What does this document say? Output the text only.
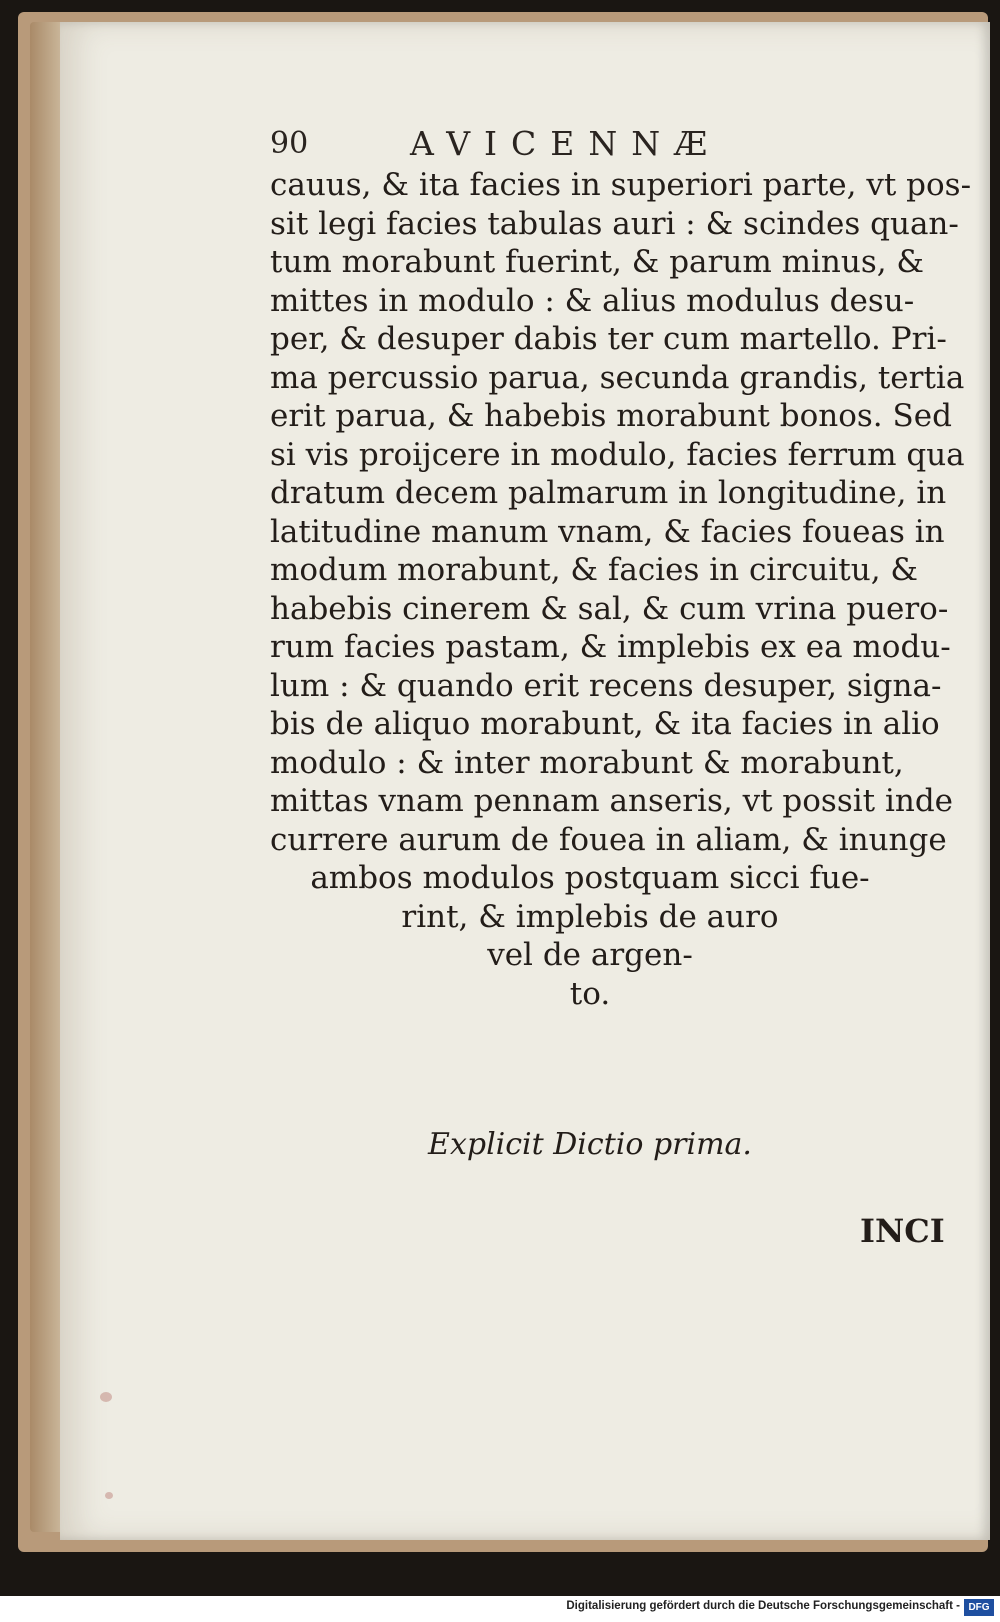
90	AVICENNÆ
cauus, & ita facies in superiori parte, vt pos-
sit legi facies tabulas auri : & scindes quan-
tum morabunt fuerint, & parum minus, &
mittes in modulo : & alius modulus desu-
per, & desuper dabis ter cum martello. Pri-
ma percussio parua, secunda grandis, tertia
erit parua, & habebis morabunt bonos. Sed
si vis proijcere in modulo, facies ferrum qua
dratum decem palmarum in longitudine, in
latitudine manum vnam, & facies foueas in
modum morabunt, & facies in circuitu, &
habebis cinerem & sal, & cum vrina puero-
rum facies pastam, & implebis ex ea modu-
lum : & quando erit recens desuper, signa-
bis de aliquo morabunt, & ita facies in alio
modulo : & inter morabunt & morabunt,
mittas vnam pennam anseris, vt possit inde
currere aurum de fouea in aliam, & inunge
ambos modulos postquam sicci fue-
rint, & implebis de auro
vel de argen-
to.
Explicit Dictio prima.
INCI
Digitalisierung gefördert durch die Deutsche Forschungsgemeinschaft - DFG
